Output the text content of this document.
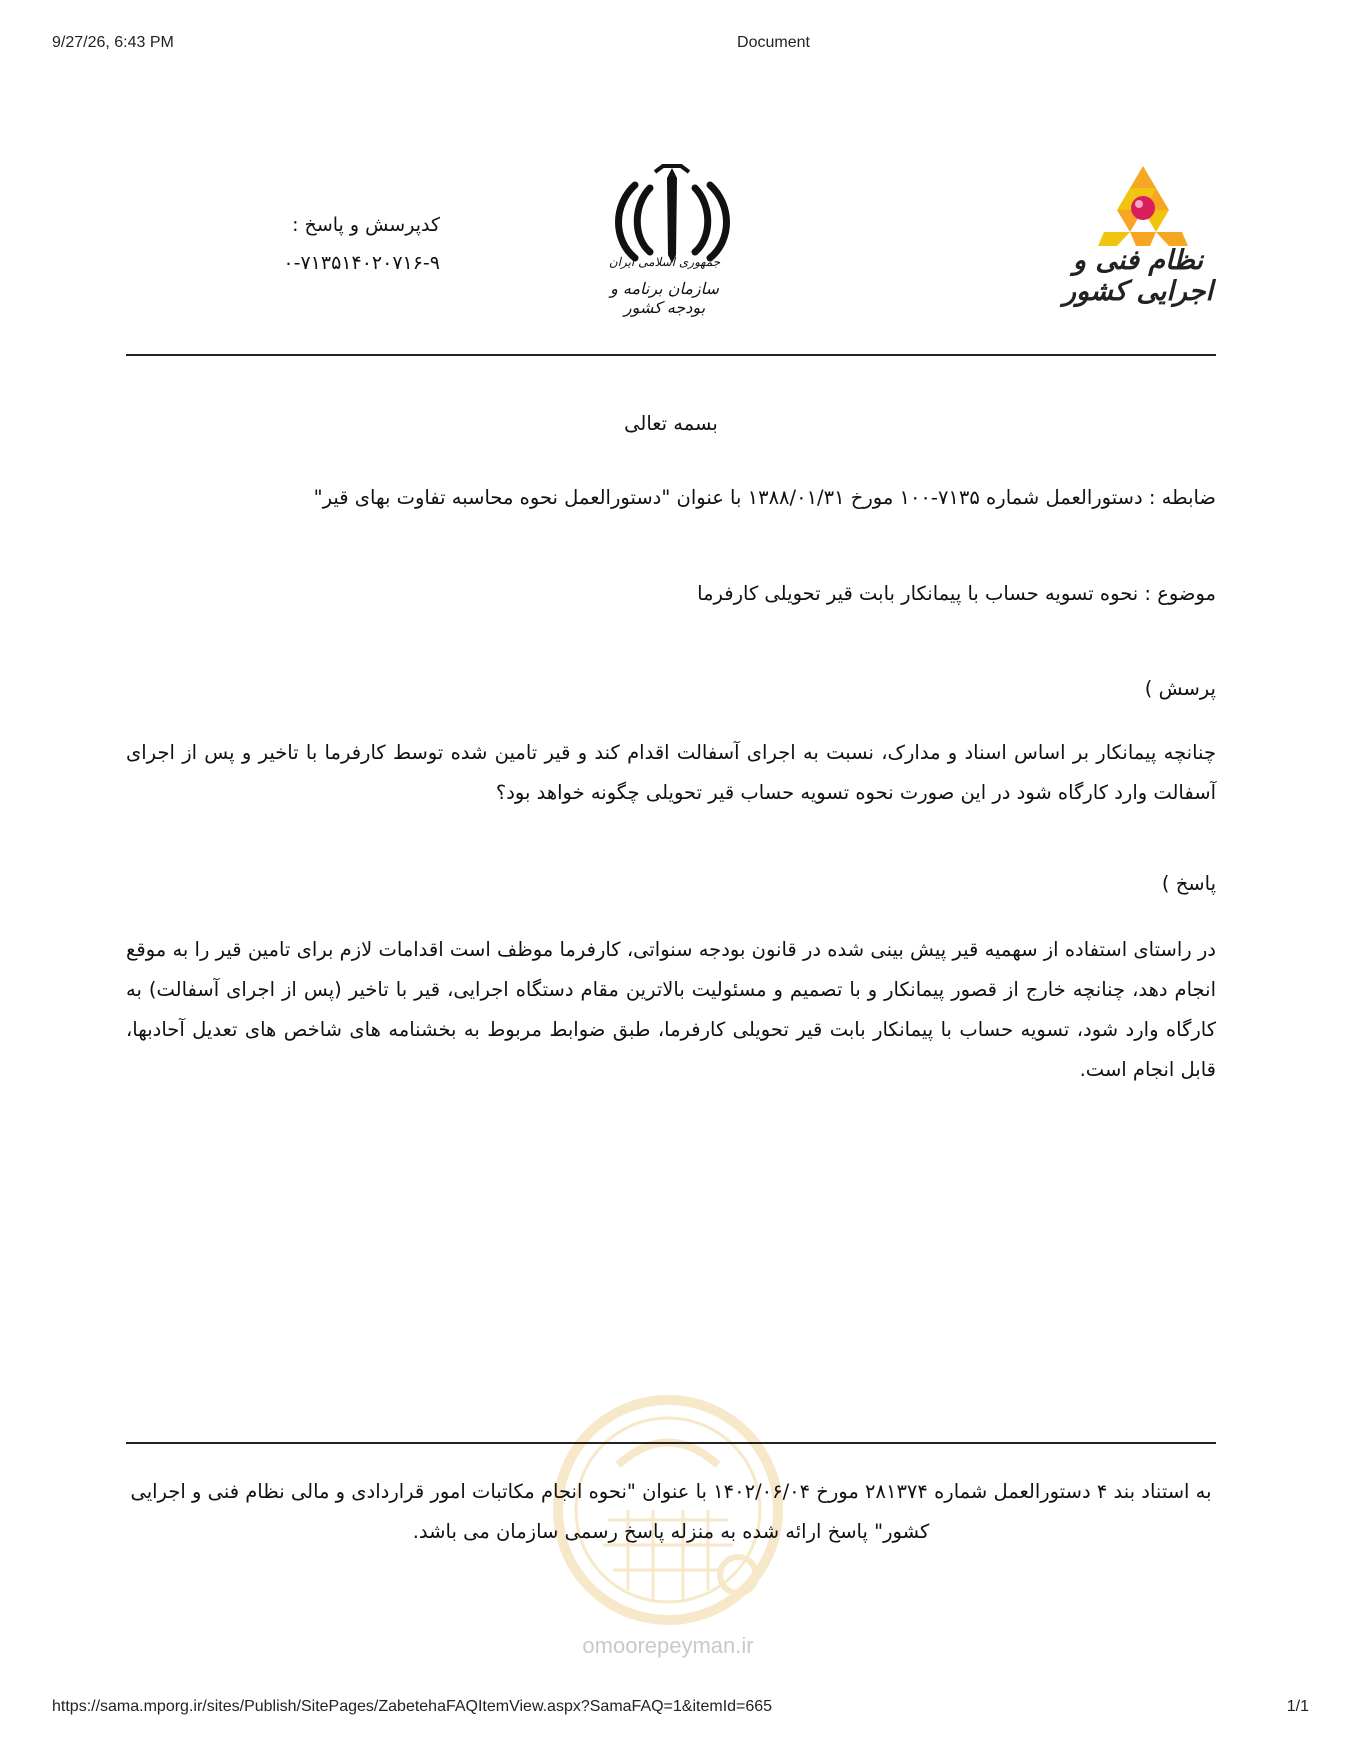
9/27/26, 6:43 PM	Document
کدپرسش و پاسخ :
۰-۷۱۳۵۱۴۰۲۰۷۱۶-۹	جمهوری اسلامی ایران
سازمان برنامه و بودجه کشور
نظام فنی و اجرایی کشور
بسمه تعالی
ضابطه : دستورالعمل شماره ۷۱۳۵-۱۰۰ مورخ ۱۳۸۸/۰۱/۳۱ با عنوان "دستورالعمل نحوه محاسبه تفاوت بهای قیر"
موضوع : نحوه تسویه حساب با پیمانکار بابت قیر تحویلی کارفرما
پرسش )
چنانچه پیمانکار بر اساس اسناد و مدارک، نسبت به اجرای آسفالت اقدام کند و قیر تامین شده توسط کارفرما با تاخیر و پس از اجرای آسفالت وارد کارگاه شود در این صورت نحوه تسویه حساب قیر تحویلی چگونه خواهد بود؟
پاسخ )
در راستای استفاده از سهمیه قیر پیش بینی شده در قانون بودجه سنواتی، کارفرما موظف است اقدامات لازم برای تامین قیر را به موقع انجام دهد، چنانچه خارج از قصور پیمانکار و با تصمیم و مسئولیت بالاترین مقام دستگاه اجرایی، قیر با تاخیر (پس از اجرای آسفالت) به کارگاه وارد شود، تسویه حساب با پیمانکار بابت قیر تحویلی کارفرما، طبق ضوابط مربوط به بخشنامه های شاخص های تعدیل آحادبها، قابل انجام است.
به استناد بند ۴ دستورالعمل شماره ۲۸۱۳۷۴ مورخ ۱۴۰۲/۰۶/۰۴ با عنوان "نحوه انجام مکاتبات امور قراردادی و مالی نظام فنی و اجرایی کشور" پاسخ ارائه شده به منزله پاسخ رسمی سازمان می باشد.
omoorepeyman.ir
https://sama.mporg.ir/sites/Publish/SitePages/ZabetehaFAQItemView.aspx?SamaFAQ=1&itemId=665	1/1
